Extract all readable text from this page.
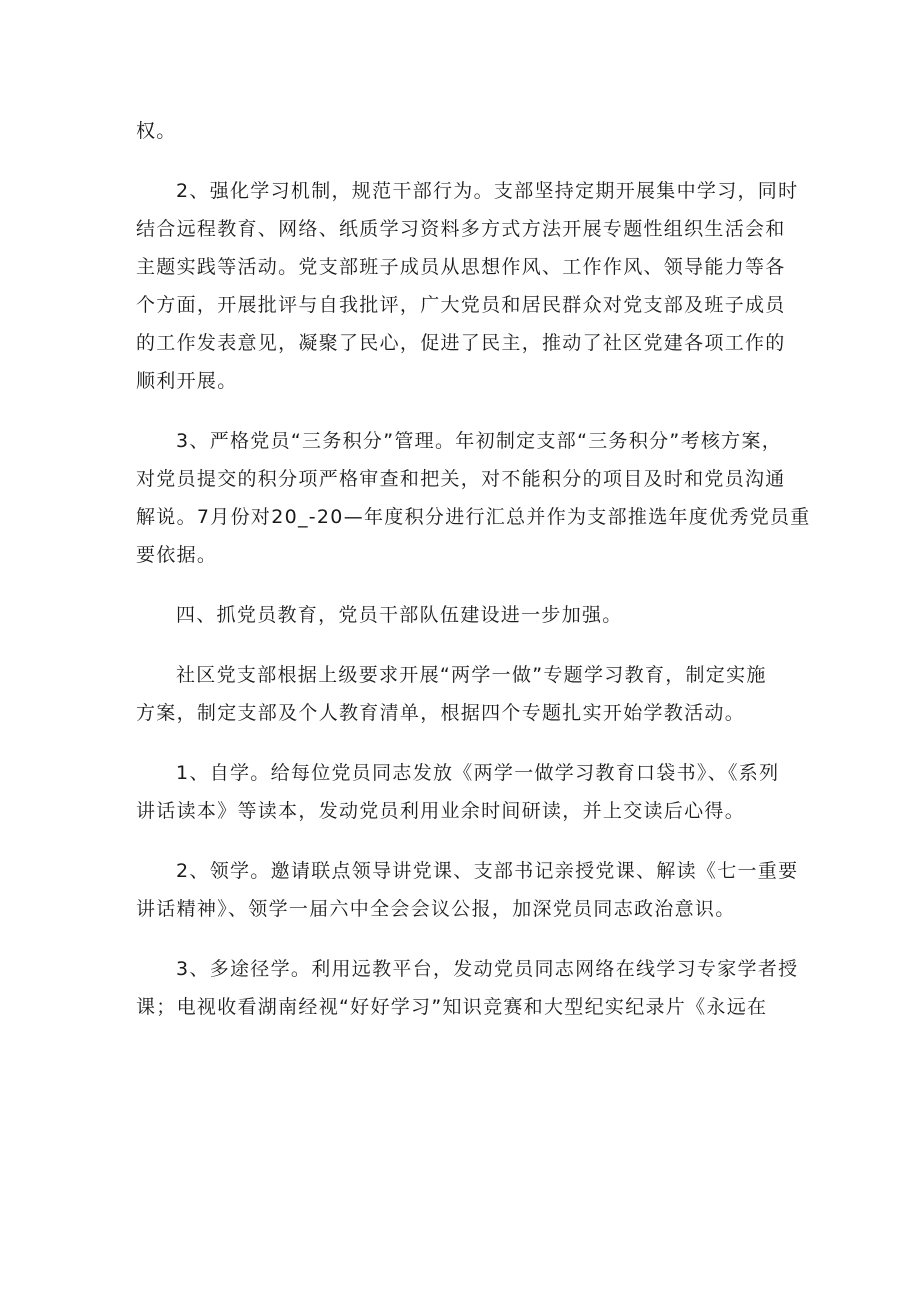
权。

2、强化学习机制，规范干部行为。支部坚持定期开展集中学习，同时
结合远程教育、网络、纸质学习资料多方式方法开展专题性组织生活会和
主题实践等活动。党支部班子成员从思想作风、工作作风、领导能力等各
个方面，开展批评与自我批评，广大党员和居民群众对党支部及班子成员
的工作发表意见，凝聚了民心，促进了民主，推动了社区党建各项工作的
顺利开展。

3、严格党员“三务积分”管理。年初制定支部“三务积分”考核方案，
对党员提交的积分项严格审查和把关，对不能积分的项目及时和党员沟通
解说。7月份对20_-20—年度积分进行汇总并作为支部推选年度优秀党员重
要依据。

四、抓党员教育，党员干部队伍建设进一步加强。

社区党支部根据上级要求开展“两学一做”专题学习教育，制定实施
方案，制定支部及个人教育清单，根据四个专题扎实开始学教活动。

1、自学。给每位党员同志发放《两学一做学习教育口袋书》、《系列
讲话读本》等读本，发动党员利用业余时间研读，并上交读后心得。

2、领学。邀请联点领导讲党课、支部书记亲授党课、解读《七一重要
讲话精神》、领学一届六中全会会议公报，加深党员同志政治意识。

3、多途径学。利用远教平台，发动党员同志网络在线学习专家学者授
课；电视收看湖南经视“好好学习”知识竞赛和大型纪实纪录片《永远在
